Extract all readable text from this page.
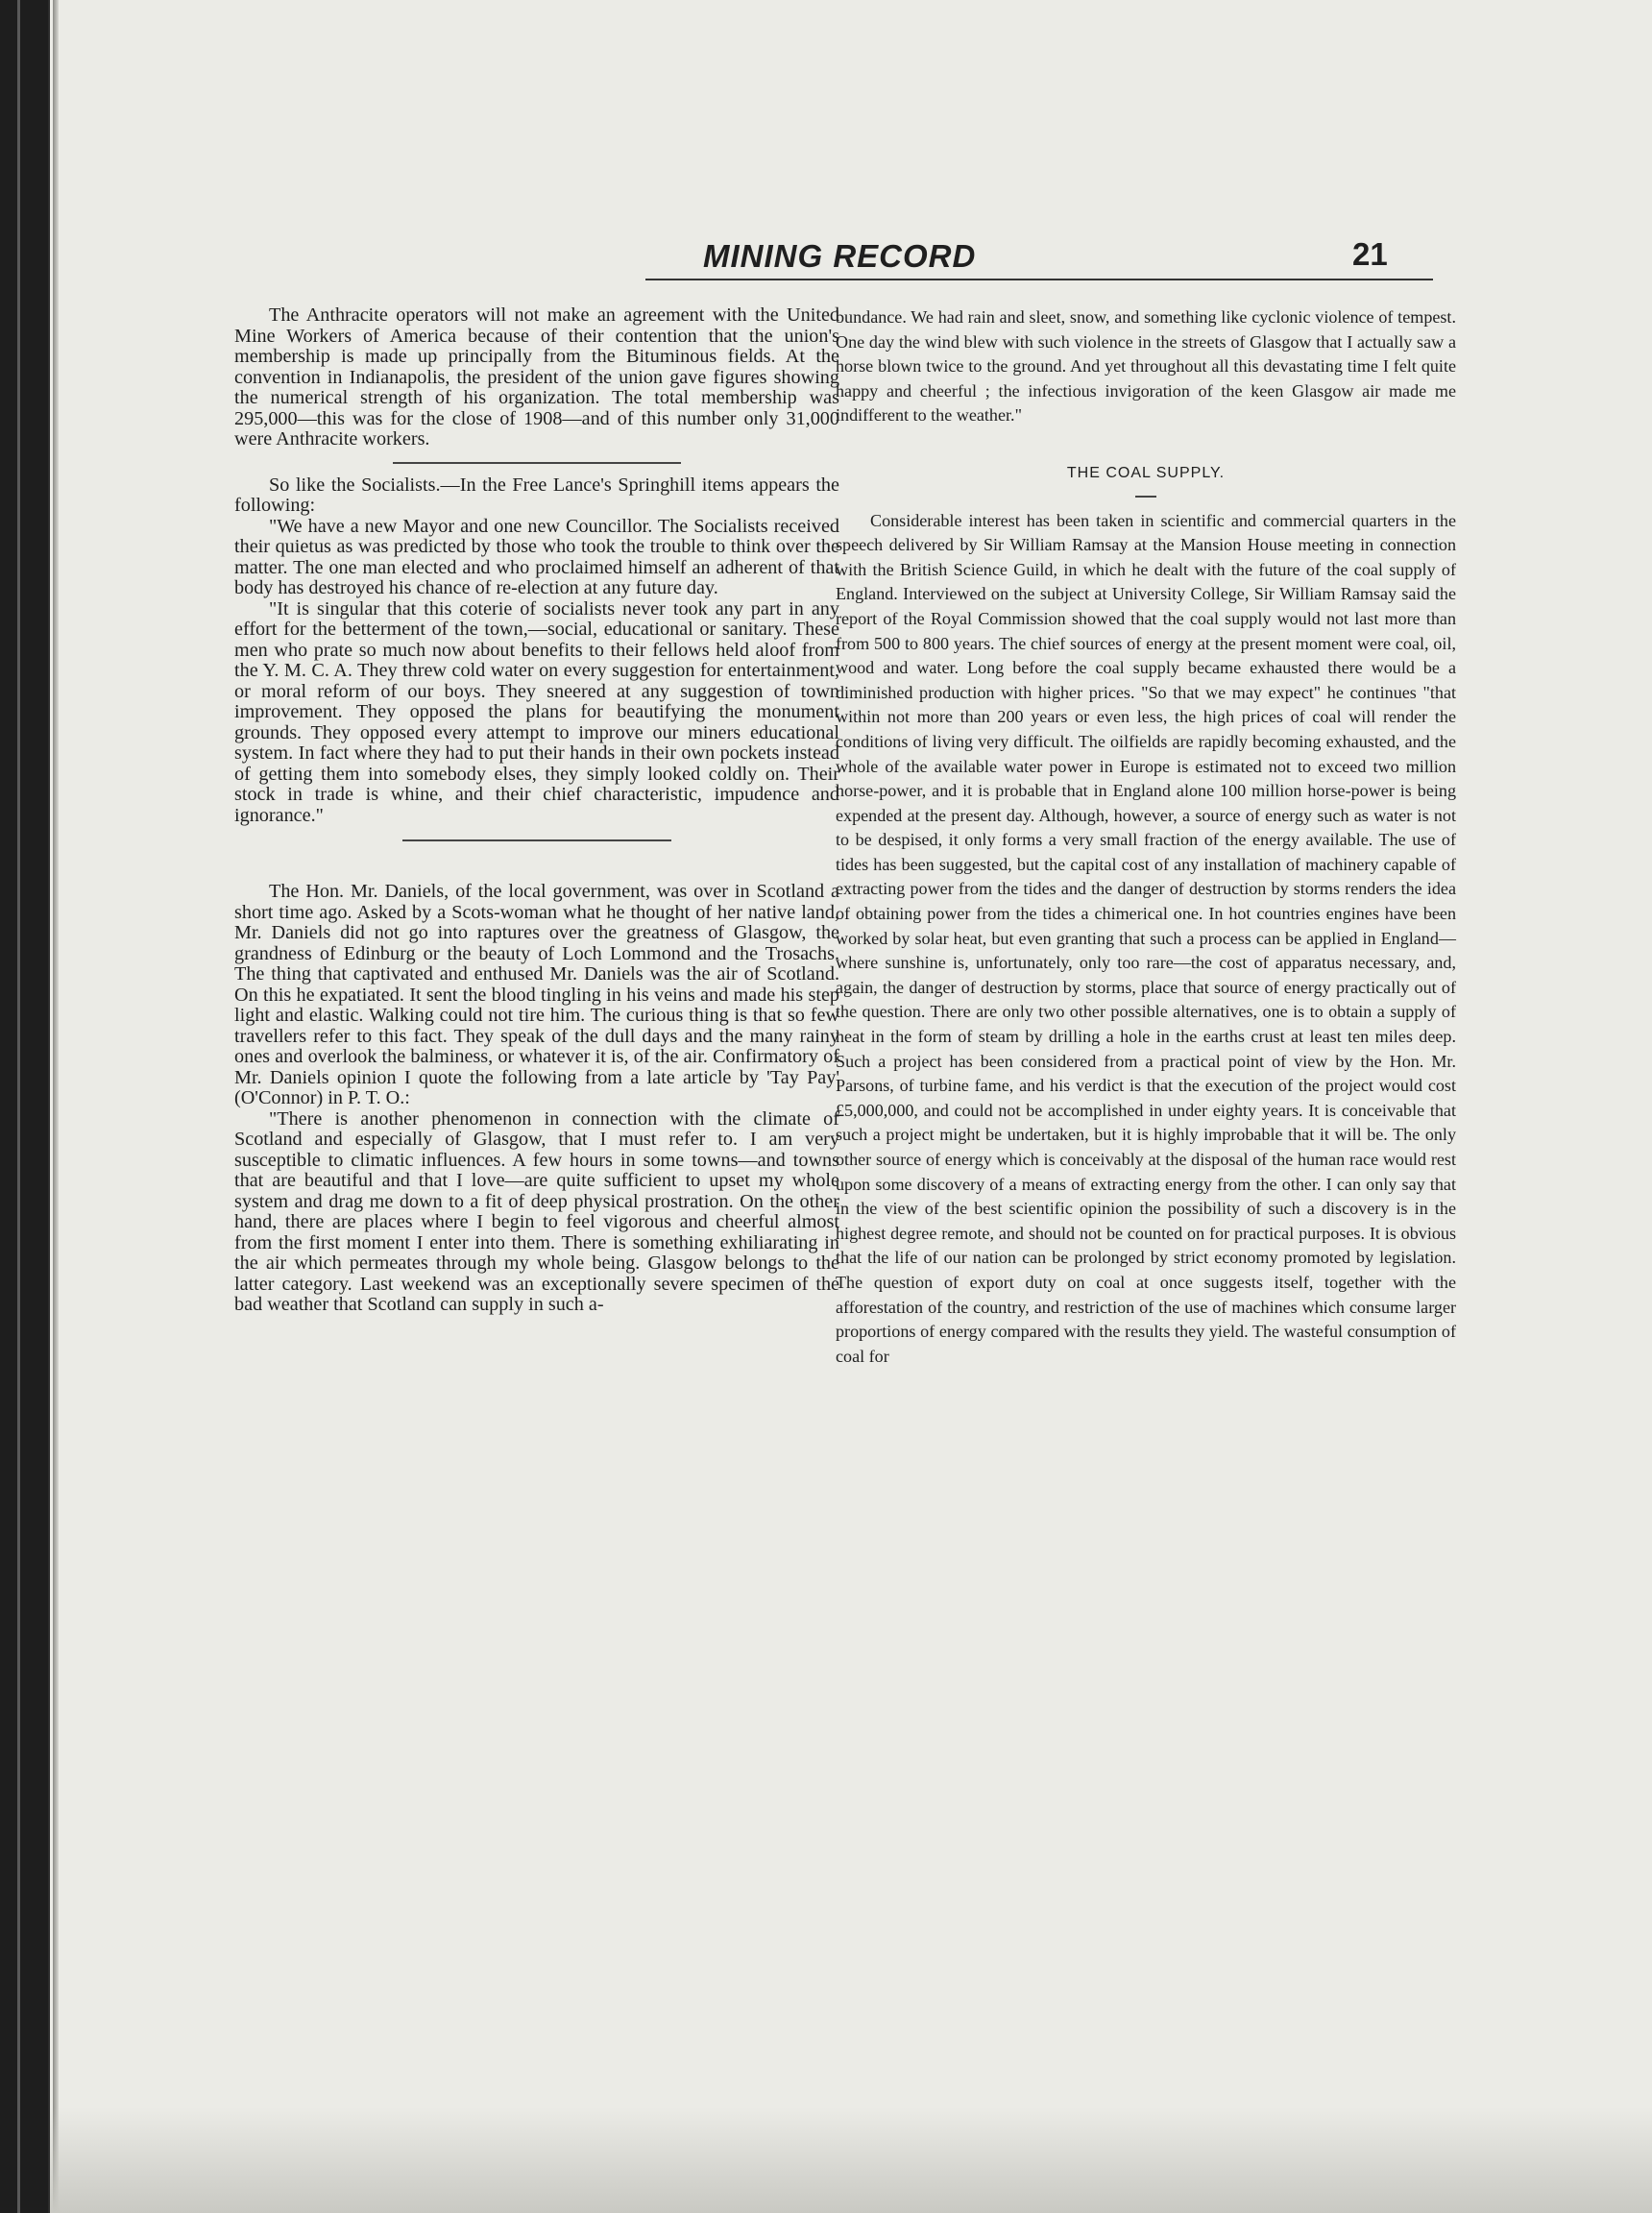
MINING RECORD	21

The Anthracite operators will not make an agreement with the United Mine Workers of America because of their contention that the union's membership is made up principally from the Bituminous fields. At the convention in Indianapolis, the president of the union gave figures showing the numerical strength of his organization. The total membership was 295,000—this was for the close of 1908—and of this number only 31,000 were Anthracite workers.

So like the Socialists.—In the Free Lance's Springhill items appears the following:

"We have a new Mayor and one new Councillor. The Socialists received their quietus as was predicted by those who took the trouble to think over the matter. The one man elected and who proclaimed himself an adherent of that body has destroyed his chance of re-election at any future day.

"It is singular that this coterie of socialists never took any part in any effort for the betterment of the town,—social, educational or sanitary. These men who prate so much now about benefits to their fellows held aloof from the Y. M. C. A. They threw cold water on every suggestion for entertainment, or moral reform of our boys. They sneered at any suggestion of town improvement. They opposed the plans for beautifying the monument grounds. They opposed every attempt to improve our miners educational system. In fact where they had to put their hands in their own pockets instead of getting them into somebody elses, they simply looked coldly on. Their stock in trade is whine, and their chief characteristic, impudence and ignorance."

The Hon. Mr. Daniels, of the local government, was over in Scotland a short time ago. Asked by a Scots-woman what he thought of her native land, Mr. Daniels did not go into raptures over the greatness of Glasgow, the grandness of Edinburg or the beauty of Loch Lommond and the Trosachs. The thing that captivated and enthused Mr. Daniels was the air of Scotland. On this he expatiated. It sent the blood tingling in his veins and made his step light and elastic. Walking could not tire him. The curious thing is that so few travellers refer to this fact. They speak of the dull days and the many rainy ones and overlook the balminess, or whatever it is, of the air. Confirmatory of Mr. Daniels opinion I quote the following from a late article by 'Tay Pay' (O'Connor) in P. T. O.:

"There is another phenomenon in connection with the climate of Scotland and especially of Glasgow, that I must refer to. I am very susceptible to climatic influences. A few hours in some towns—and towns that are beautiful and that I love—are quite sufficient to upset my whole system and drag me down to a fit of deep physical prostration. On the other hand, there are places where I begin to feel vigorous and cheerful almost from the first moment I enter into them. There is something exhiliarating in the air which permeates through my whole being. Glasgow belongs to the latter category. Last weekend was an exceptionally severe specimen of the bad weather that Scotland can supply in such a-

bundance. We had rain and sleet, snow, and something like cyclonic violence of tempest. One day the wind blew with such violence in the streets of Glasgow that I actually saw a horse blown twice to the ground. And yet throughout all this devastating time I felt quite happy and cheerful ; the infectious invigoration of the keen Glasgow air made me indifferent to the weather."

THE COAL SUPPLY.

Considerable interest has been taken in scientific and commercial quarters in the speech delivered by Sir William Ramsay at the Mansion House meeting in connection with the British Science Guild, in which he dealt with the future of the coal supply of England. Interviewed on the subject at University College, Sir William Ramsay said the report of the Royal Commission showed that the coal supply would not last more than from 500 to 800 years. The chief sources of energy at the present moment were coal, oil, wood and water. Long before the coal supply became exhausted there would be a diminished production with higher prices. "So that we may expect" he continues "that within not more than 200 years or even less, the high prices of coal will render the conditions of living very difficult. The oilfields are rapidly becoming exhausted, and the whole of the available water power in Europe is estimated not to exceed two million horse-power, and it is probable that in England alone 100 million horse-power is being expended at the present day. Although, however, a source of energy such as water is not to be despised, it only forms a very small fraction of the energy available. The use of tides has been suggested, but the capital cost of any installation of machinery capable of extracting power from the tides and the danger of destruction by storms renders the idea of obtaining power from the tides a chimerical one. In hot countries engines have been worked by solar heat, but even granting that such a process can be applied in England—where sunshine is, unfortunately, only too rare—the cost of apparatus necessary, and, again, the danger of destruction by storms, place that source of energy practically out of the question. There are only two other possible alternatives, one is to obtain a supply of heat in the form of steam by drilling a hole in the earths crust at least ten miles deep. Such a project has been considered from a practical point of view by the Hon. Mr. Parsons, of turbine fame, and his verdict is that the execution of the project would cost £5,000,000, and could not be accomplished in under eighty years. It is conceivable that such a project might be undertaken, but it is highly improbable that it will be. The only other source of energy which is conceivably at the disposal of the human race would rest upon some discovery of a means of extracting energy from the other. I can only say that in the view of the best scientific opinion the possibility of such a discovery is in the highest degree remote, and should not be counted on for practical purposes. It is obvious that the life of our nation can be prolonged by strict economy promoted by legislation. The question of export duty on coal at once suggests itself, together with the afforestation of the country, and restriction of the use of machines which consume larger proportions of energy compared with the results they yield. The wasteful consumption of coal for
